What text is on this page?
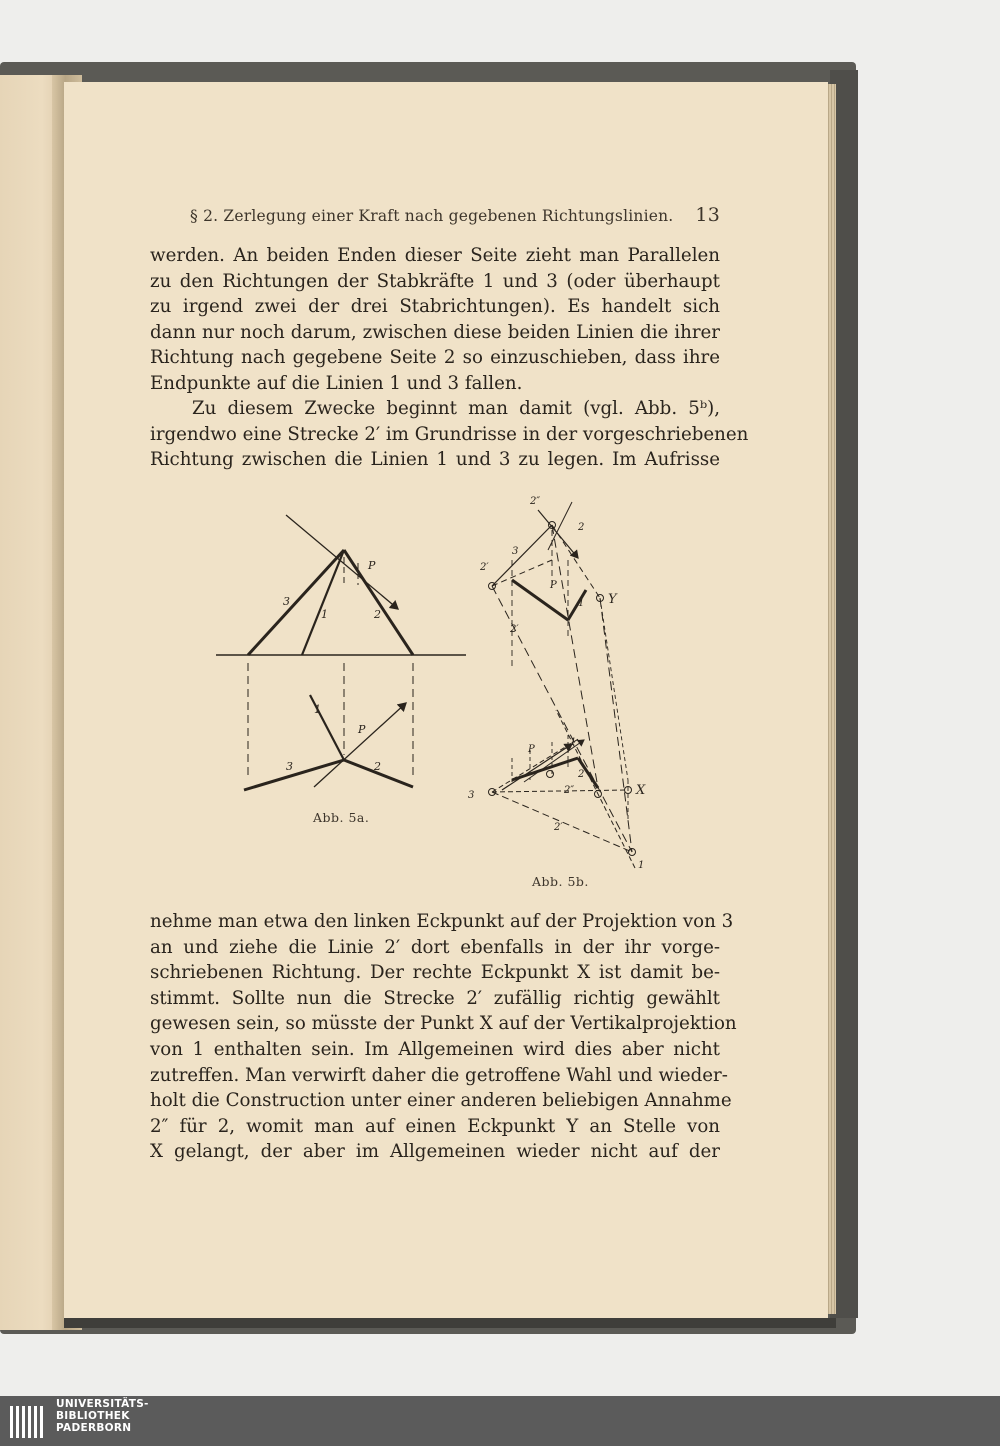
§ 2. Zerlegung einer Kraft nach gegebenen Richtungslinien. 13
werden. An beiden Enden dieser Seite zieht man Parallelen
zu den Richtungen der Stabkräfte 1 und 3 (oder überhaupt
zu irgend zwei der drei Stabrichtungen). Es handelt sich
dann nur noch darum, zwischen diese beiden Linien die ihrer
Richtung nach gegebene Seite 2 so einzuschieben, dass ihre
Endpunkte auf die Linien 1 und 3 fallen.
Zu diesem Zwecke beginnt man damit (vgl. Abb. 5ᵇ),
irgendwo eine Strecke 2′ im Grundrisse in der vorgeschriebenen
Richtung zwischen die Linien 1 und 3 zu legen. Im Aufrisse
P
3
1	2
1
P
3	2
Abb. 5a.
2″
2
3
2′
P
1
2′
P
1
2
2″
3
2′
1
Y
X
Abb. 5b.
nehme man etwa den linken Eckpunkt auf der Projektion von 3
an und ziehe die Linie 2′ dort ebenfalls in der ihr vorge-
schriebenen Richtung. Der rechte Eckpunkt X ist damit be-
stimmt. Sollte nun die Strecke 2′ zufällig richtig gewählt
gewesen sein, so müsste der Punkt X auf der Vertikalprojektion
von 1 enthalten sein. Im Allgemeinen wird dies aber nicht
zutreffen. Man verwirft daher die getroffene Wahl und wieder-
holt die Construction unter einer anderen beliebigen Annahme
2″ für 2, womit man auf einen Eckpunkt Y an Stelle von
X gelangt, der aber im Allgemeinen wieder nicht auf der
UNIVERSITÄTS-
BIBLIOTHEK
PADERBORN
